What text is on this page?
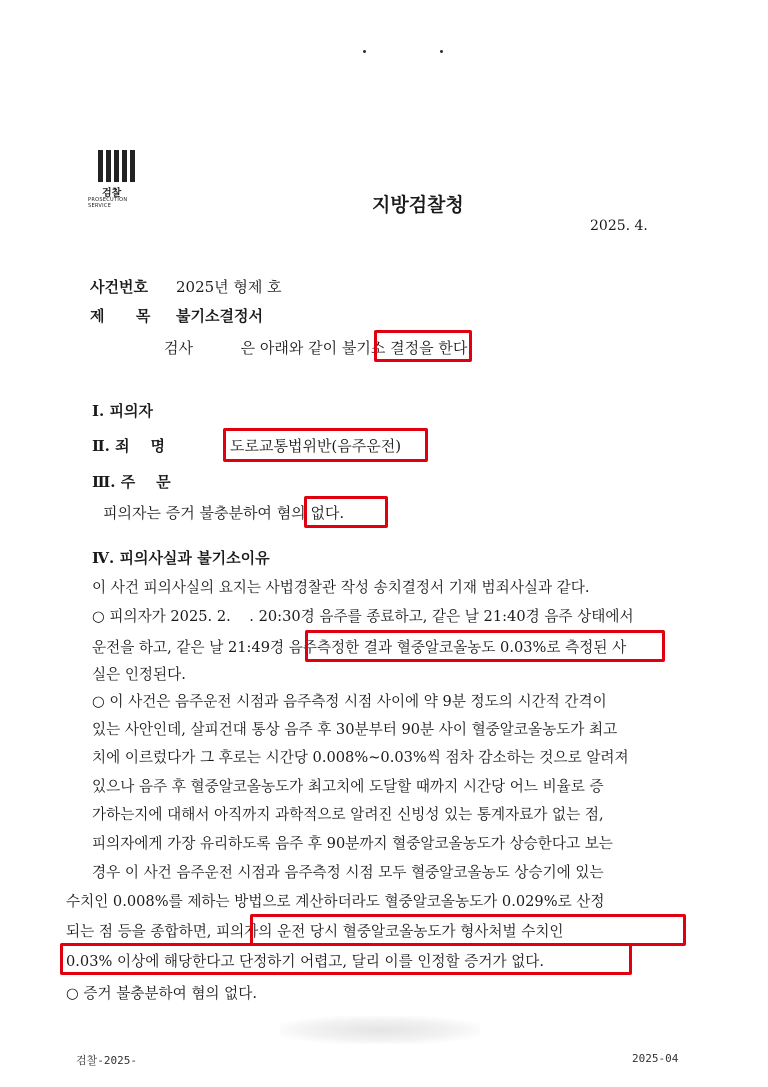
검찰
PROSECUTION SERVICE	지방검찰청
2025. 4.
사건번호 2025년 형제 호
제      목 불기소결정서
검사          은 아래와 같이 불기소 결정을 한다.
Ⅰ. 피의자
Ⅱ. 죄    명	도로교통법위반(음주운전)
Ⅲ. 주    문
피의자는 증거 불충분하여 혐의 없다.
Ⅳ. 피의사실과 불기소이유
이 사건 피의사실의 요지는 사법경찰관 작성 송치결정서 기재 범죄사실과 같다.
○ 피의자가 2025. 2.    . 20:30경 음주를 종료하고, 같은 날 21:40경 음주 상태에서
운전을 하고, 같은 날 21:49경 음주측정한 결과 혈중알코올농도 0.03%로 측정된 사
실은 인정된다.
○ 이 사건은 음주운전 시점과 음주측정 시점 사이에 약 9분 정도의 시간적 간격이
있는 사안인데, 살피건대 통상 음주 후 30분부터 90분 사이 혈중알코올농도가 최고
치에 이르렀다가 그 후로는 시간당 0.008%~0.03%씩 점차 감소하는 것으로 알려져
있으나 음주 후 혈중알코올농도가 최고치에 도달할 때까지 시간당 어느 비율로 증
가하는지에 대해서 아직까지 과학적으로 알려진 신빙성 있는 통계자료가 없는 점,
피의자에게 가장 유리하도록 음주 후 90분까지 혈중알코올농도가 상승한다고 보는
경우 이 사건 음주운전 시점과 음주측정 시점 모두 혈중알코올농도 상승기에 있는
수치인 0.008%를 제하는 방법으로 계산하더라도 혈중알코올농도가 0.029%로 산정
되는 점 등을 종합하면, 피의자의 운전 당시 혈중알코올농도가 형사처벌 수치인
0.03% 이상에 해당한다고 단정하기 어렵고, 달리 이를 인정할 증거가 없다.
○ 증거 불충분하여 혐의 없다.
검찰-2025-	2025-04
